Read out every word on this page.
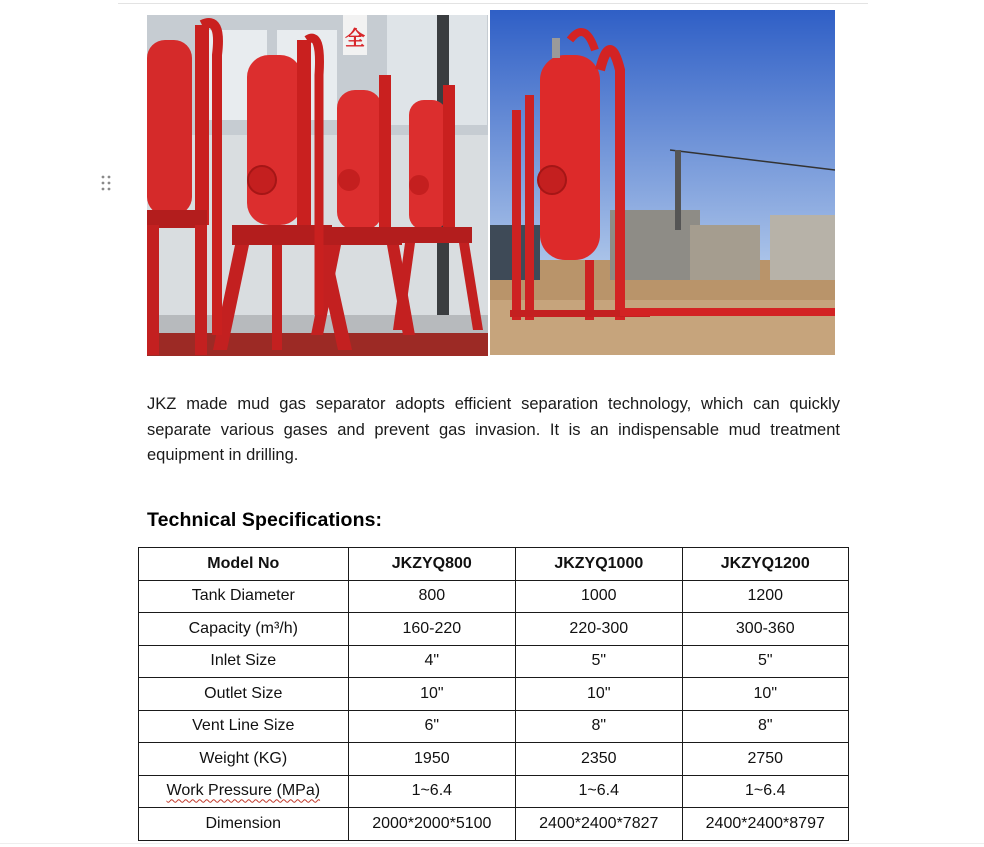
全

JKZ made mud gas separator adopts efficient separation technology, which can quickly separate various gases and prevent gas invasion. It is an indispensable mud treatment equipment in drilling.

Technical Specifications:
Model No	JKZYQ800	JKZYQ1000	JKZYQ1200
Tank Diameter	800	1000	1200
Capacity (m³/h)	160-220	220-300	300-360
Inlet Size	4"	5"	5"
Outlet Size	10"	10"	10"
Vent Line Size	6"	8"	8"
Weight (KG)	1950	2350	2750
Work Pressure (MPa)	1~6.4	1~6.4	1~6.4
Dimension	2000*2000*5100	2400*2400*7827	2400*2400*8797
